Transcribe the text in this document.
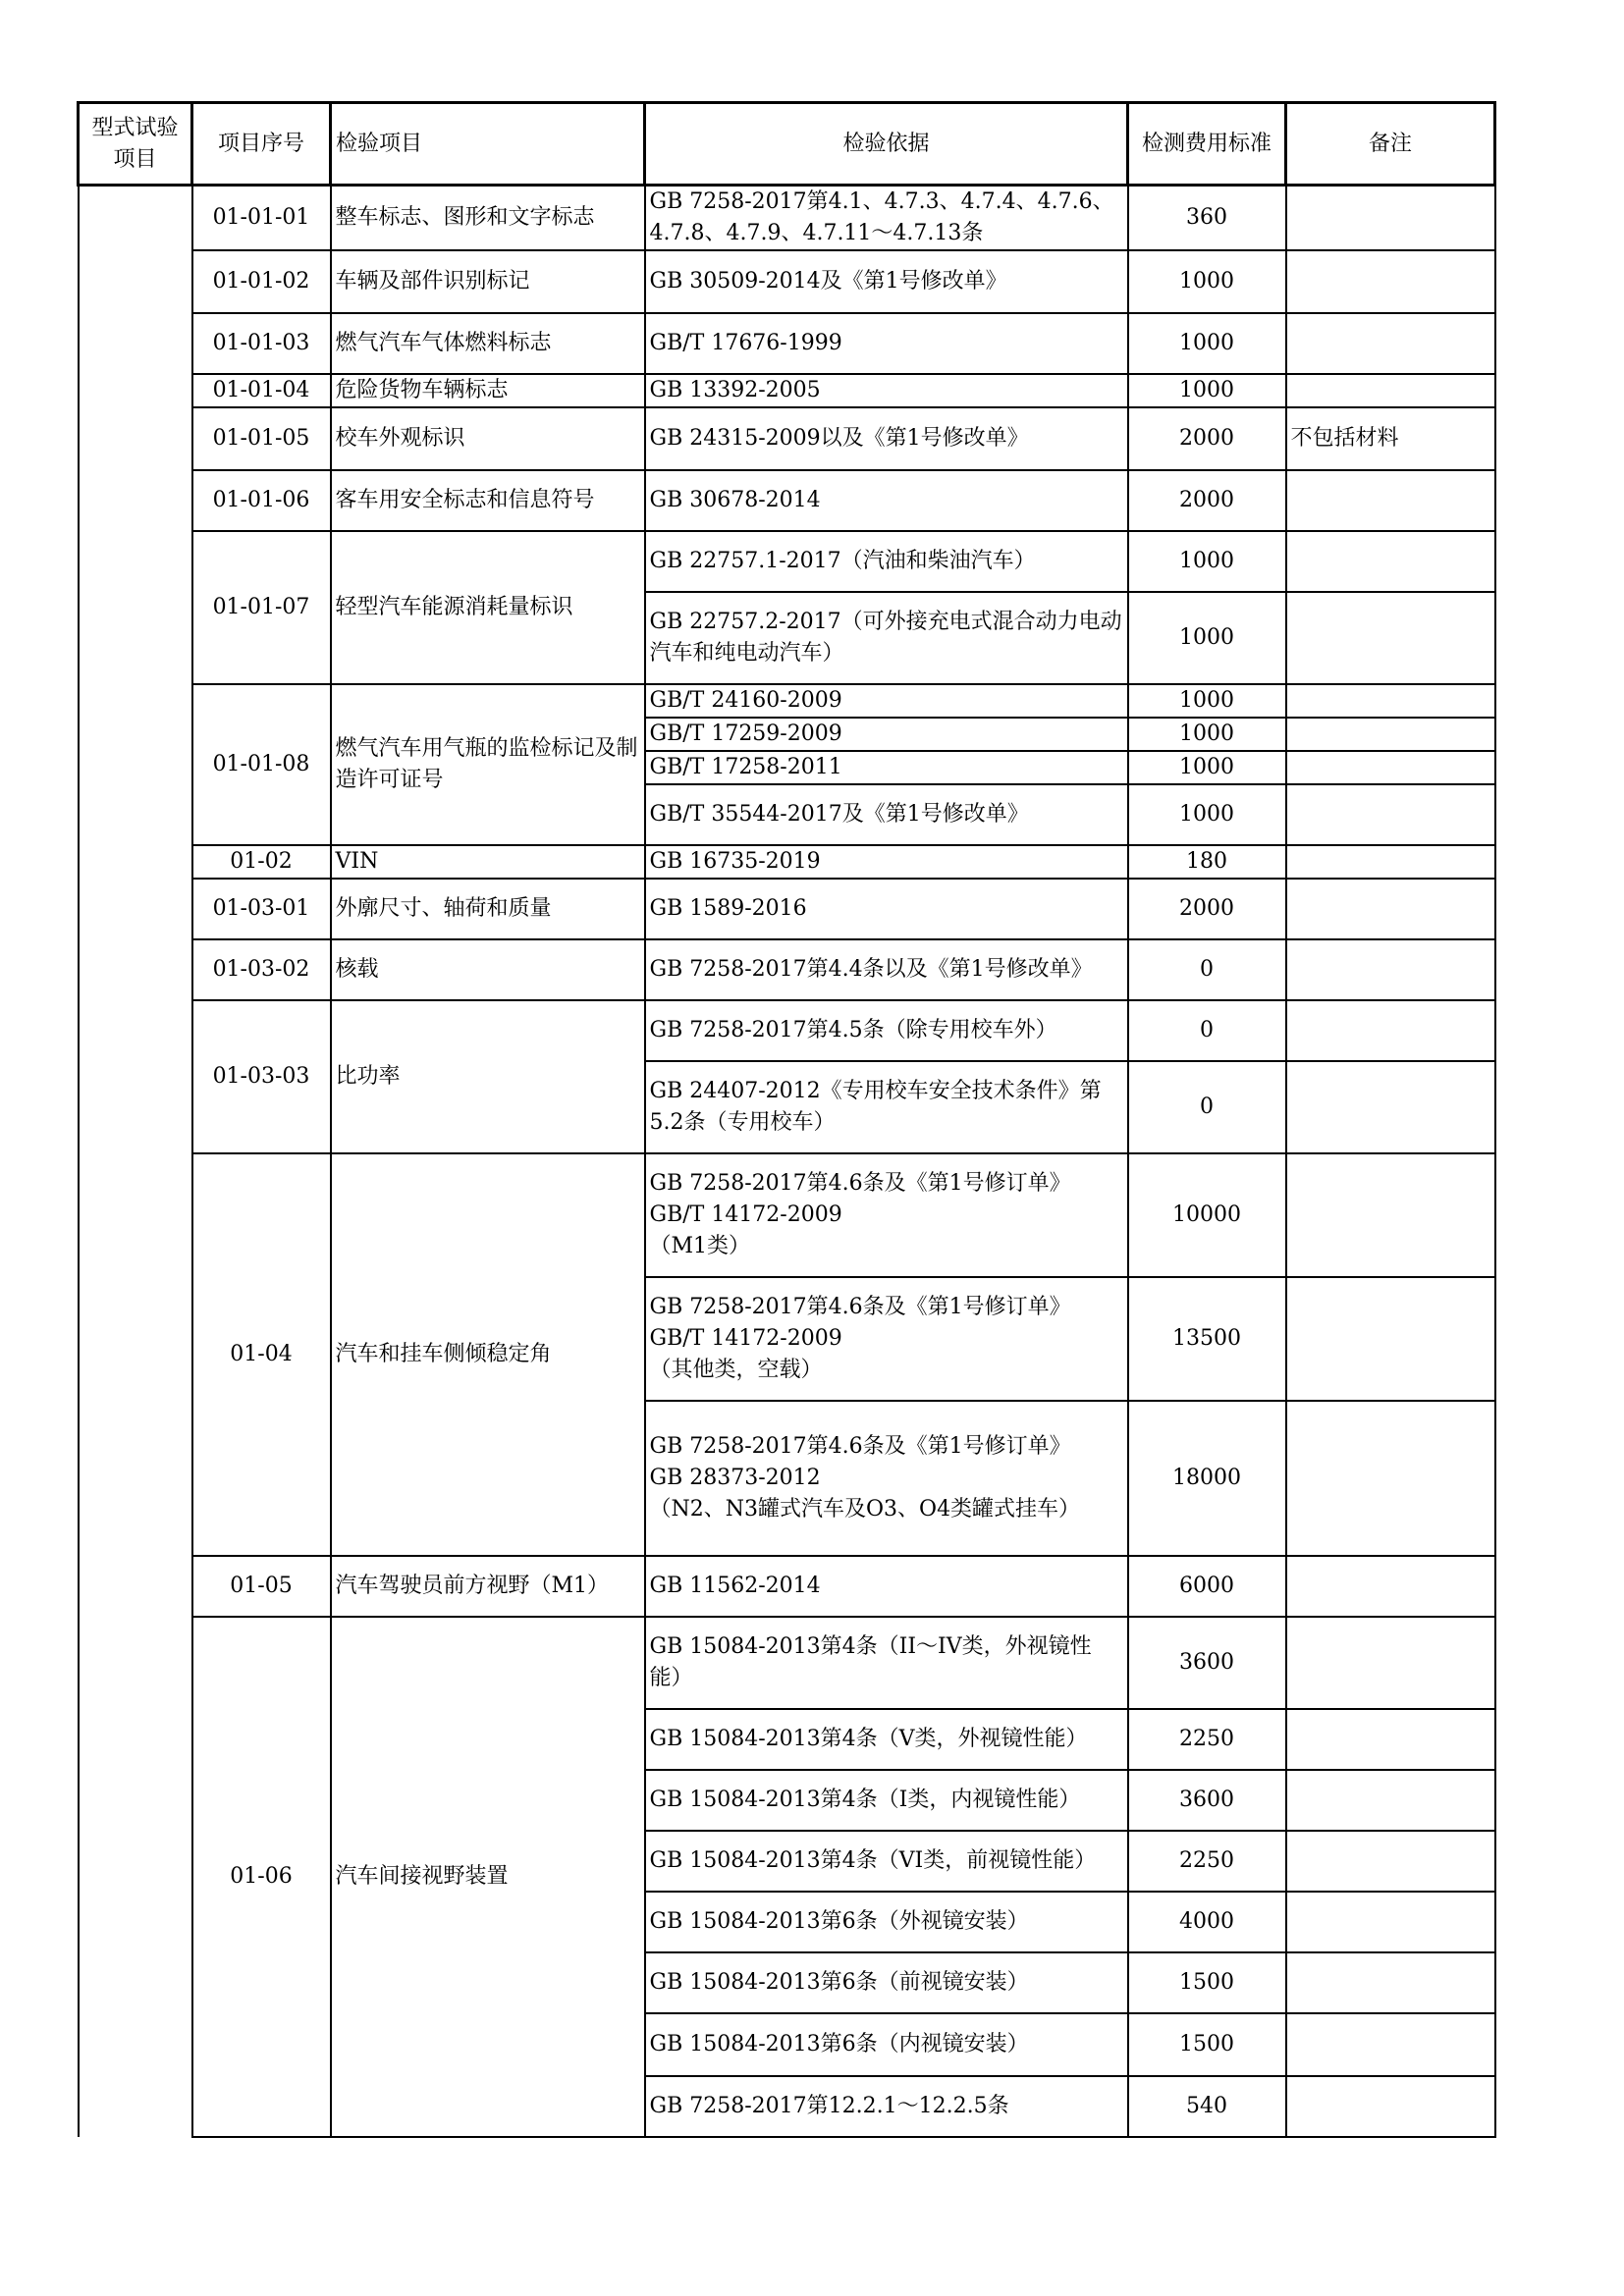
型式试验
项目	项目序号	检验项目	检验依据	检测费用标准	备注
	01-01-01	整车标志、图形和文字标志	GB 7258-2017第4.1、4.7.3、4.7.4、4.7.6、4.7.8、4.7.9、4.7.11～4.7.13条	360	
	01-01-02	车辆及部件识别标记	GB 30509-2014及《第1号修改单》	1000	
	01-01-03	燃气汽车气体燃料标志	GB/T 17676-1999	1000	
	01-01-04	危险货物车辆标志	GB 13392-2005	1000	
	01-01-05	校车外观标识	GB 24315-2009以及《第1号修改单》	2000	不包括材料
	01-01-06	客车用安全标志和信息符号	GB 30678-2014	2000	
	01-01-07	轻型汽车能源消耗量标识	GB 22757.1-2017（汽油和柴油汽车）	1000	
			GB 22757.2-2017（可外接充电式混合动力电动汽车和纯电动汽车）	1000	
	01-01-08	燃气汽车用气瓶的监检标记及制造许可证号	GB/T 24160-2009	1000	
			GB/T 17259-2009	1000	
			GB/T 17258-2011	1000	
			GB/T 35544-2017及《第1号修改单》	1000	
	01-02	VIN	GB 16735-2019	180	
	01-03-01	外廓尺寸、轴荷和质量	GB 1589-2016	2000	
	01-03-02	核载	GB 7258-2017第4.4条以及《第1号修改单》	0	
	01-03-03	比功率	GB 7258-2017第4.5条（除专用校车外）	0	
			GB 24407-2012《专用校车安全技术条件》第5.2条（专用校车）	0	
	01-04	汽车和挂车侧倾稳定角	GB 7258-2017第4.6条及《第1号修订单》
GB/T 14172-2009
（M1类）	10000	
			GB 7258-2017第4.6条及《第1号修订单》
GB/T 14172-2009
（其他类，空载）	13500	
			GB 7258-2017第4.6条及《第1号修订单》
GB 28373-2012
（N2、N3罐式汽车及O3、O4类罐式挂车）	18000	
	01-05	汽车驾驶员前方视野（M1）	GB 11562-2014	6000	
	01-06	汽车间接视野装置	GB 15084-2013第4条（II～IV类，外视镜性能）	3600	
			GB 15084-2013第4条（Ⅴ类，外视镜性能）	2250	
			GB 15084-2013第4条（Ⅰ类，内视镜性能）	3600	
			GB 15084-2013第4条（VI类，前视镜性能）	2250	
			GB 15084-2013第6条（外视镜安装）	4000	
			GB 15084-2013第6条（前视镜安装）	1500	
			GB 15084-2013第6条（内视镜安装）	1500	
			GB 7258-2017第12.2.1～12.2.5条	540	
